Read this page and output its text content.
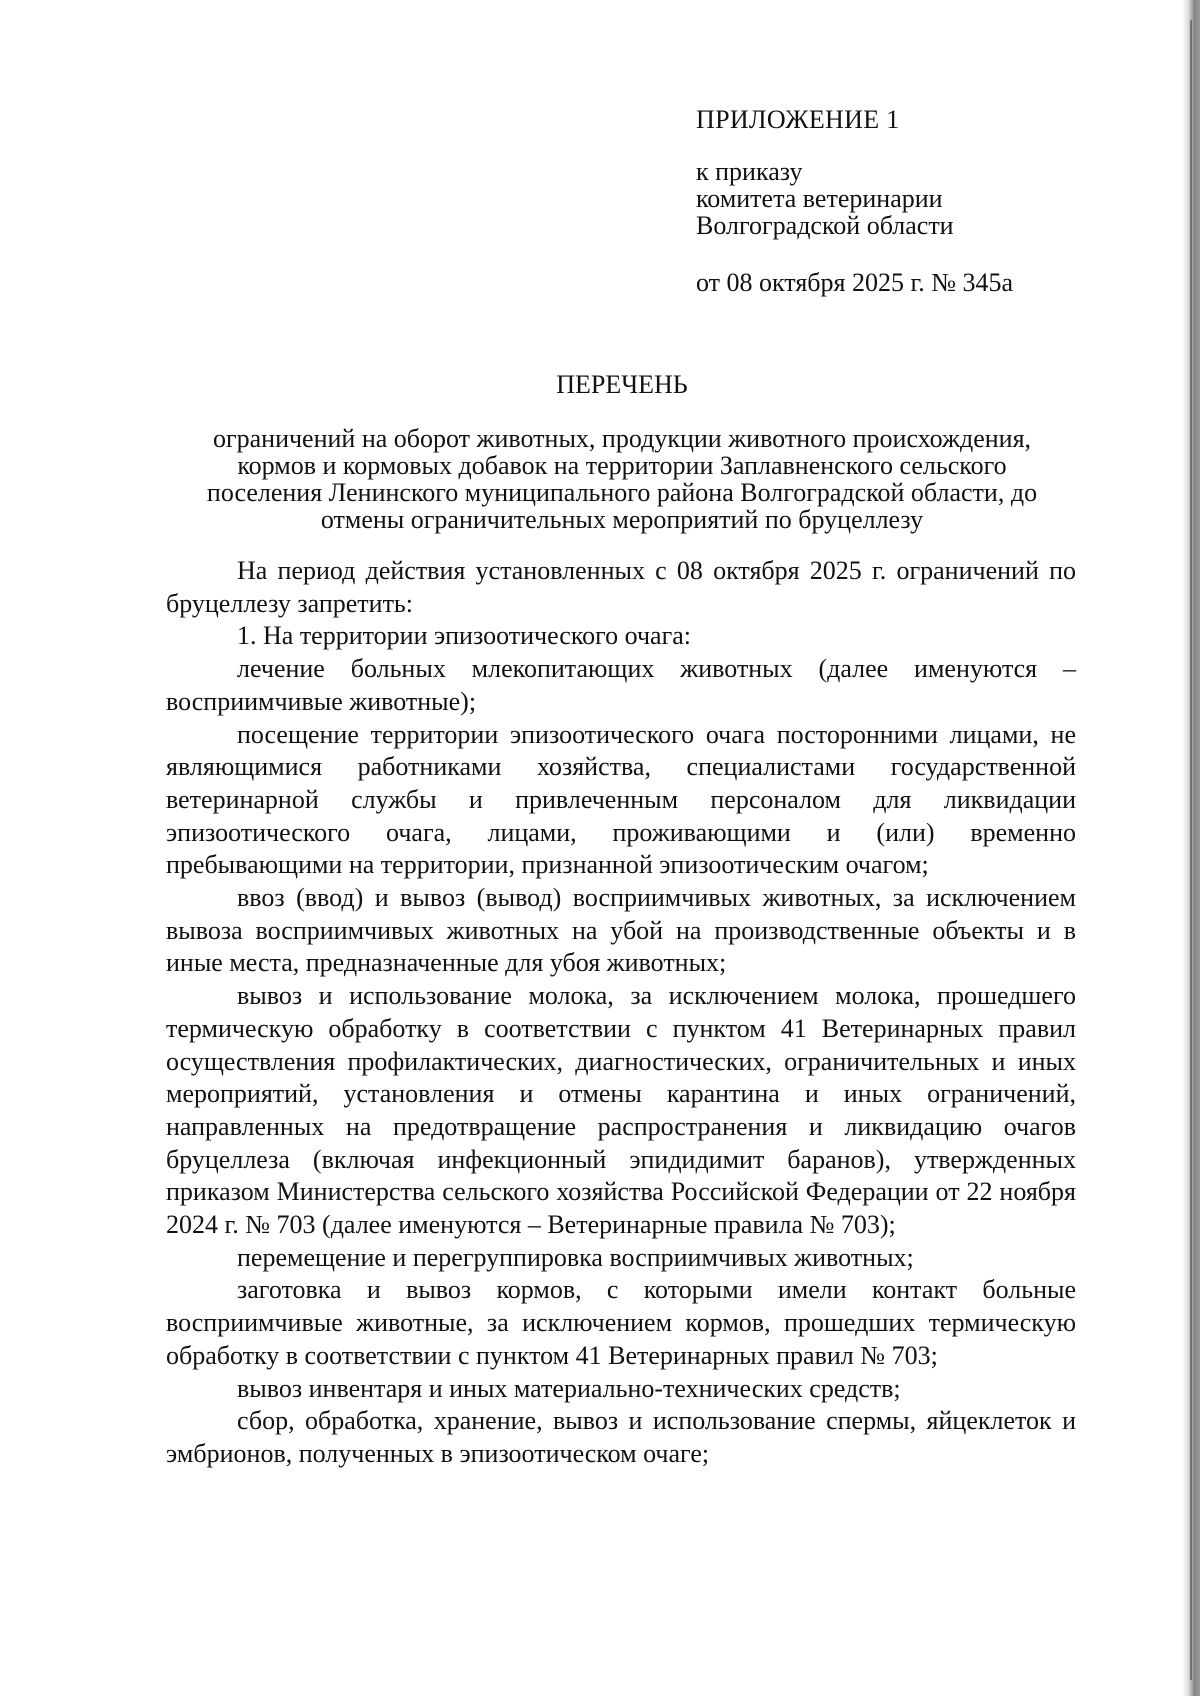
ПРИЛОЖЕНИЕ 1

к приказу

комитета ветеринарии

Волгоградской области

от 08 октября 2025 г. № 345а

ПЕРЕЧЕНЬ

ограничений на оборот животных, продукции животного происхождения,

кормов и кормовых добавок на территории Заплавненского сельского

поселения Ленинского муниципального района Волгоградской области, до

отмены ограничительных мероприятий по бруцеллезу

На период действия установленных с 08 октября 2025 г. ограничений по бруцеллезу запретить:

1. На территории эпизоотического очага:

лечение больных млекопитающих животных (далее именуются – восприимчивые животные);

посещение территории эпизоотического очага посторонними лицами, не являющимися работниками хозяйства, специалистами государственной ветеринарной службы и привлеченным персоналом для ликвидации эпизоотического очага, лицами, проживающими и (или) временно пребывающими на территории, признанной эпизоотическим очагом;

ввоз (ввод) и вывоз (вывод) восприимчивых животных, за исключением вывоза восприимчивых животных на убой на производственные объекты и в иные места, предназначенные для убоя животных;

вывоз и использование молока, за исключением молока, прошедшего термическую обработку в соответствии с пунктом 41 Ветеринарных правил осуществления профилактических, диагностических, ограничительных и иных мероприятий, установления и отмены карантина и иных ограничений, направленных на предотвращение распространения и ликвидацию очагов бруцеллеза (включая инфекционный эпидидимит баранов), утвержденных приказом Министерства сельского хозяйства Российской Федерации от 22 ноября 2024 г. № 703 (далее именуются – Ветеринарные правила № 703);

перемещение и перегруппировка восприимчивых животных;

заготовка и вывоз кормов, с которыми имели контакт больные восприимчивые животные, за исключением кормов, прошедших термическую обработку в соответствии с пунктом 41 Ветеринарных правил № 703;

вывоз инвентаря и иных материально-технических средств;

сбор, обработка, хранение, вывоз и использование спермы, яйцеклеток и эмбрионов, полученных в эпизоотическом очаге;
